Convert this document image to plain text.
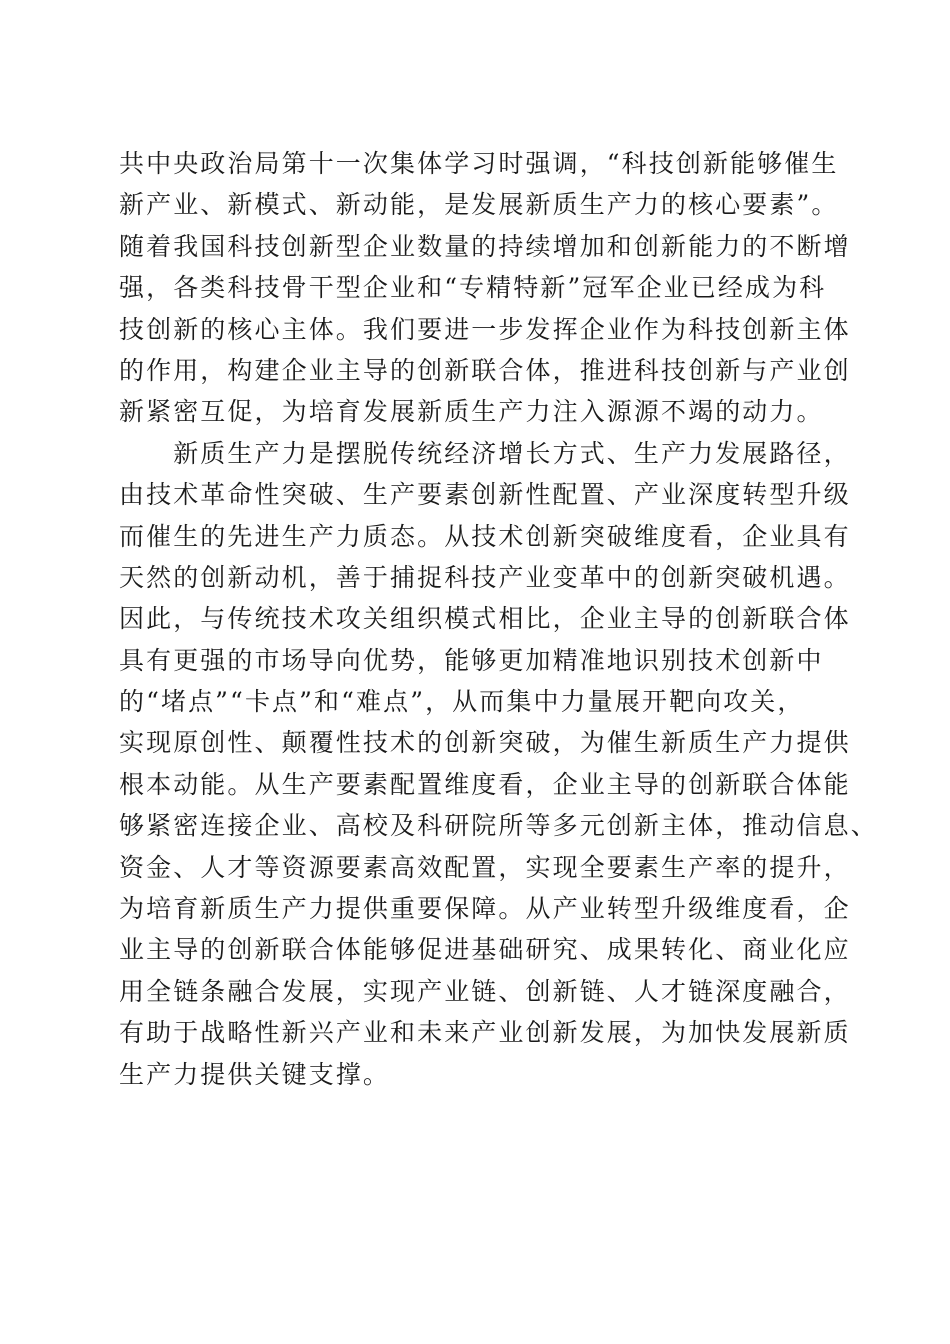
共中央政治局第十一次集体学习时强调，“科技创新能够催生
新产业、新模式、新动能，是发展新质生产力的核心要素”。
随着我国科技创新型企业数量的持续增加和创新能力的不断增
强，各类科技骨干型企业和“专精特新”冠军企业已经成为科
技创新的核心主体。我们要进一步发挥企业作为科技创新主体
的作用，构建企业主导的创新联合体，推进科技创新与产业创
新紧密互促，为培育发展新质生产力注入源源不竭的动力。
　　新质生产力是摆脱传统经济增长方式、生产力发展路径，
由技术革命性突破、生产要素创新性配置、产业深度转型升级
而催生的先进生产力质态。从技术创新突破维度看，企业具有
天然的创新动机，善于捕捉科技产业变革中的创新突破机遇。
因此，与传统技术攻关组织模式相比，企业主导的创新联合体
具有更强的市场导向优势，能够更加精准地识别技术创新中
的“堵点”“卡点”和“难点”，从而集中力量展开靶向攻关，
实现原创性、颠覆性技术的创新突破，为催生新质生产力提供
根本动能。从生产要素配置维度看，企业主导的创新联合体能
够紧密连接企业、高校及科研院所等多元创新主体，推动信息、
资金、人才等资源要素高效配置，实现全要素生产率的提升，
为培育新质生产力提供重要保障。从产业转型升级维度看，企
业主导的创新联合体能够促进基础研究、成果转化、商业化应
用全链条融合发展，实现产业链、创新链、人才链深度融合，
有助于战略性新兴产业和未来产业创新发展，为加快发展新质
生产力提供关键支撑。
